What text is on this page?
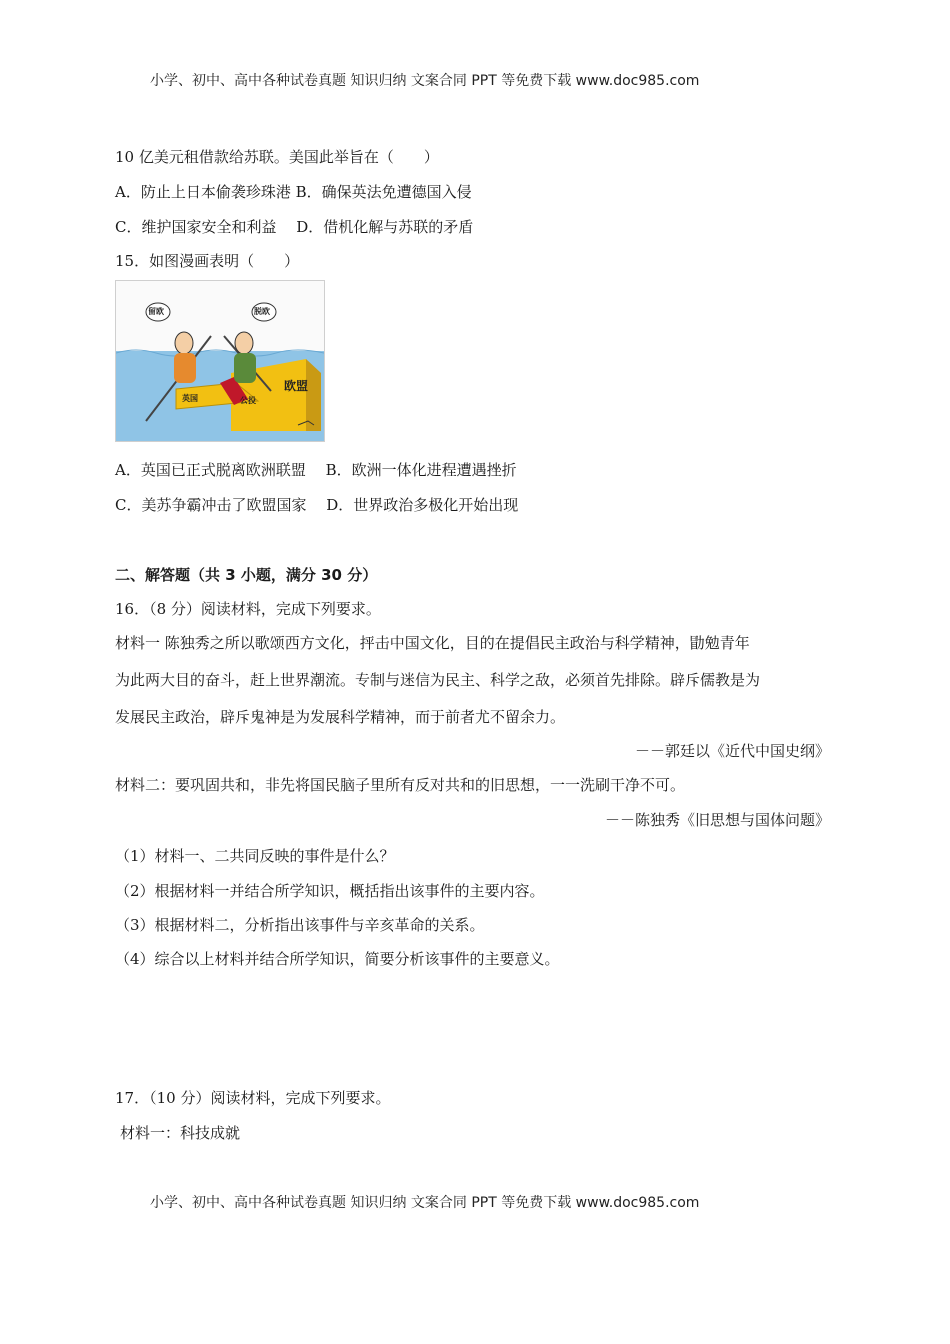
小学、初中、高中各种试卷真题 知识归纳 文案合同 PPT 等免费下载 www.doc985.com
10 亿美元租借款给苏联。美国此举旨在（　　）
A．防止上日本偷袭珍珠港 B．确保英法免遭德国入侵
C．维护国家安全和利益　 D．借机化解与苏联的矛盾
15．如图漫画表明（　　）
留欧	脱欧
英国	公投
欧盟
A．英国已正式脱离欧洲联盟　 B．欧洲一体化进程遭遇挫折
C．美苏争霸冲击了欧盟国家　 D．世界政治多极化开始出现
二、解答题（共 3 小题，满分 30 分）
16．（8 分）阅读材料，完成下列要求。
材料一 陈独秀之所以歌颂西方文化，抨击中国文化，目的在提倡民主政治与科学精神，勖勉青年
为此两大目的奋斗，赶上世界潮流。专制与迷信为民主、科学之敌，必须首先排除。辟斥儒教是为
发展民主政治，辟斥鬼神是为发展科学精神，而于前者尤不留余力。
－－郭廷以《近代中国史纲》
材料二：要巩固共和，非先将国民脑子里所有反对共和的旧思想，一一洗刷干净不可。
－－陈独秀《旧思想与国体问题》
（1）材料一、二共同反映的事件是什么？
（2）根据材料一并结合所学知识，概括指出该事件的主要内容。
（3）根据材料二，分析指出该事件与辛亥革命的关系。
（4）综合以上材料并结合所学知识，简要分析该事件的主要意义。
17．（10 分）阅读材料，完成下列要求。
材料一：科技成就
小学、初中、高中各种试卷真题 知识归纳 文案合同 PPT 等免费下载 www.doc985.com
